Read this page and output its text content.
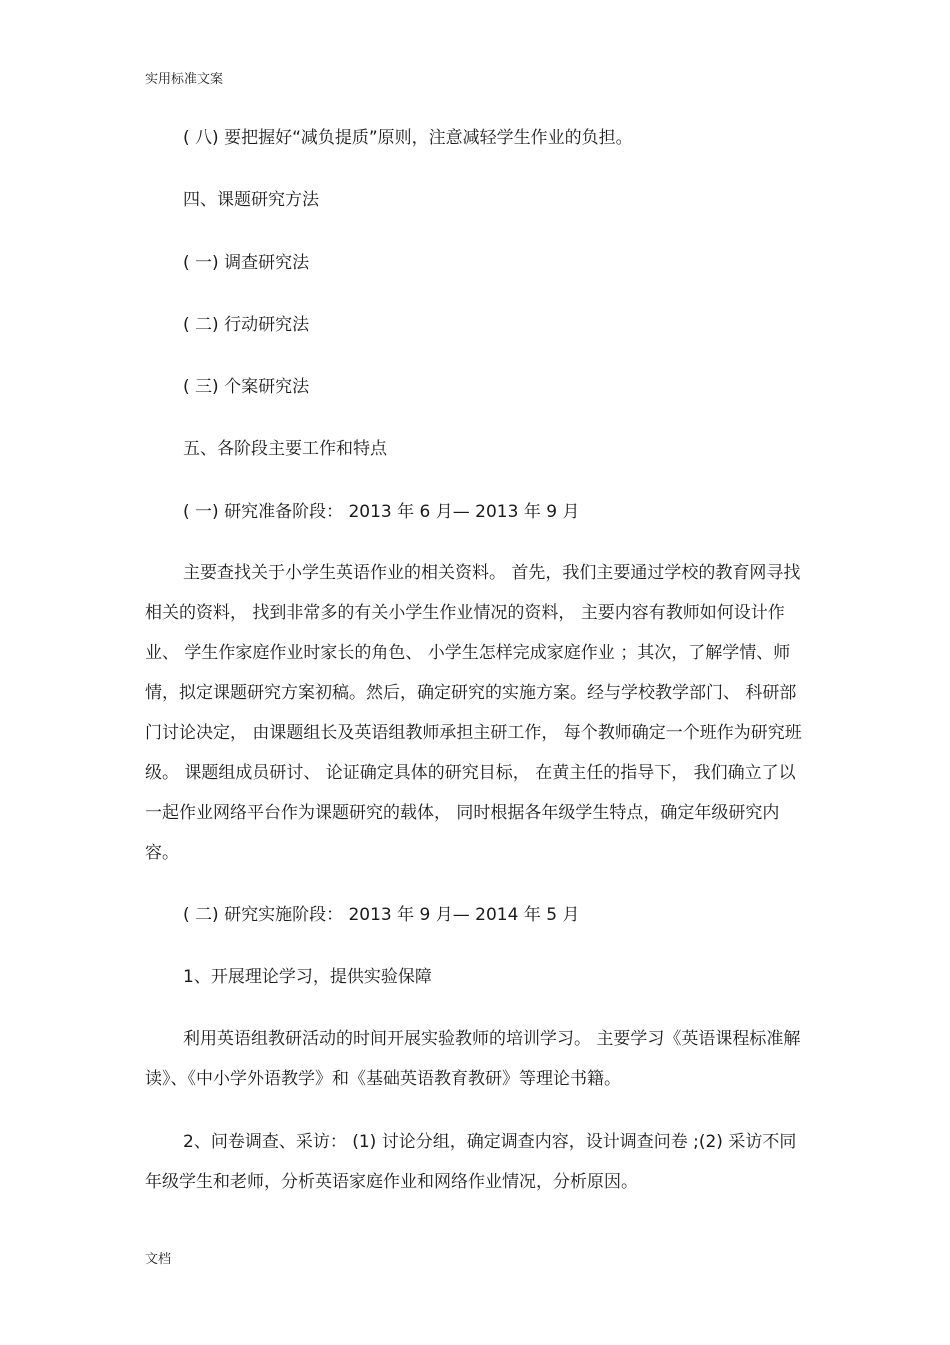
实用标准文案
( 八) 要把握好“减负提质”原则，注意减轻学生作业的负担。
四、课题研究方法
( 一) 调查研究法
( 二) 行动研究法
( 三) 个案研究法
五、各阶段主要工作和特点
( 一) 研究准备阶段： 2013 年 6 月— 2013 年 9 月

主要查找关于小学生英语作业的相关资料。 首先，我们主要通过学校的教育网寻找相关的资料， 找到非常多的有关小学生作业情况的资料， 主要内容有教师如何设计作业、 学生作家庭作业时家长的角色、 小学生怎样完成家庭作业 ；其次，了解学情、师情，拟定课题研究方案初稿。然后，确定研究的实施方案。经与学校教学部门、 科研部门讨论决定， 由课题组长及英语组教师承担主研工作， 每个教师确定一个班作为研究班级。 课题组成员研讨、 论证确定具体的研究目标， 在黄主任的指导下， 我们确立了以一起作业网络平台作为课题研究的载体， 同时根据各年级学生特点，确定年级研究内容。

( 二) 研究实施阶段： 2013 年 9 月— 2014 年 5 月
1、开展理论学习，提供实验保障

利用英语组教研活动的时间开展实验教师的培训学习。 主要学习《英语课程标准解读》、《中小学外语教学》和《基础英语教育教研》等理论书籍。

2、问卷调查、采访： (1) 讨论分组，确定调查内容，设计调查问卷 ;(2) 采访不同年级学生和老师，分析英语家庭作业和网络作业情况，分析原因。

文档
